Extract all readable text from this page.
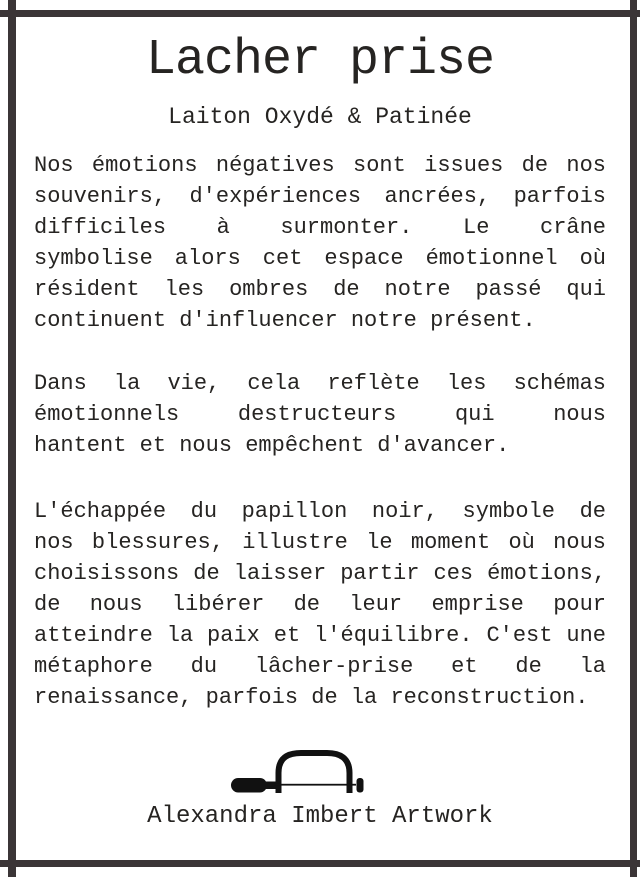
Lacher prise
Laiton Oxydé & Patinée
Nos émotions négatives sont issues de nos
souvenirs, d'expériences ancrées, parfois
difficiles à surmonter. Le crâne
symbolise alors cet espace émotionnel où
résident les ombres de notre passé qui
continuent d'influencer notre présent.
Dans la vie, cela reflète les schémas
émotionnels destructeurs qui nous
hantent et nous empêchent d'avancer.
L'échappée du papillon noir, symbole de
nos blessures, illustre le moment où nous
choisissons de laisser partir ces émotions,
de nous libérer de leur emprise pour
atteindre la paix et l'équilibre. C'est une
métaphore du lâcher-prise et de la
renaissance, parfois de la reconstruction.
Alexandra Imbert Artwork
